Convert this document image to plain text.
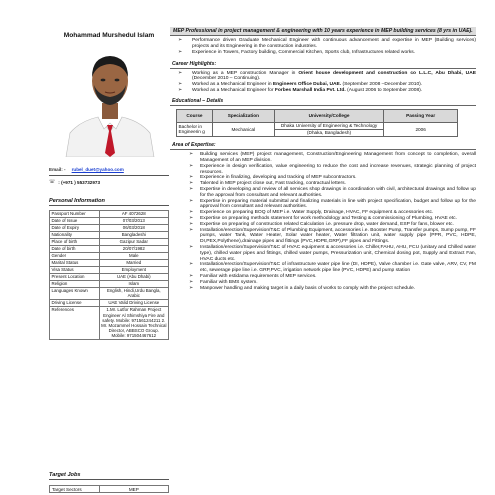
Mohammad Murshedul Islam
Email: - rubel_duet@yahoo.com
☏ : (+971 ) 553732973
Personal Information
Passport Number	AF 4072628
Date of Issue	07/03/2013
Date of Expiry	06/03/2018
Nationality	Bangladeshi
Place of birth	Gazipur Sadar
Date of birth	20/07/1982
Gender	Male
Marital Status	Married
Visa Status	Employment
Present Location	UAE (Abu Dhabi)
Religion	Islam
Languages Known	English, Hindi,Urdu Bangla, Arabic
Driving License	UAE Valid Driving License
References	1.Mr. Lutfor Rahman Project Engineer Al Shimshiya Fire and safety. Mobile: 971561244211 2. Mr. Mozammel Hossain Technical Director, ABBSCO Group. Mobile: 971504467612
Target Jobs
Target Sectors	MEP
MEP Professional in project management & engineering with 10 years experience in MEP building services (8 yrs in UAE).
➢ Performance driven Graduate Mechanical Engineer with continuous advancement and expertise in MEP (Building services) projects and its Engineering in the construction industries.
➢ Experience in Towers, Factory building, Commercial Kitchen, Sports club, Infrastructures related works.
Career Highlights:
➢ Working as a MEP construction Manager in Orient house development and construction co L.L.C, Abu Dhabi, UAE (December 2010 – Continuing).
➢ Worked as a Mechanical Engineer in Engineers Office Dubai, UAE. (September 2008 –December 2010).
➢ Worked as a Mechanical Engineer for Forbes Marshall India Pvt. Ltd. (August 2006 to September 2008).
Educational – Details
Course	Specialization	University/College	Passing Year
Bachelor in Engineerin g	Mechanical	Dhaka University of Engineering & Technology	2006
		(Dhaka, Bangladesh)	
Area of Expertise:
➢ Building services (MEP) project management, Construction/Engineering Management from concept to completion, overall Management of an MEP division.
➢ Experience in design verification, value engineering to reduce the cost and increase revenues, strategic planning of project resources.
➢ Experience in finalizing, developing and tracking of MEP subcontractors.
➢ Talented in MEP project close out, Fast tracking, contractual letters.
➢ Expertise in developing and review of all services shop drawings in coordination with civil, architectural drawings and follow up for the approval from consultant and relevant authorities.
➢ Expertise in preparing material submittal and finalizing materials in line with project specification, budget and follow up for the approval from consultant and relevant authorities.
➢ Experience on preparing BOQ of MEP i.e. Water Supply, Drainage, HVAC, FF equipment & accessories etc.
➢ Expertise on preparing methods statement for work methodology and Testing & commissioning of Plumbing, HVAE etc.
➢ Expertise on preparing of construction related Calculation i.e. pressure drop, water demand, ESP for fans, blower etc.
➢ Installation/erection/Supervision/T&C of Plumbing Equipment, accessories i.e. Booster Pump, Transfer pumps, Sump pump, FF pumps, water Tank, Water Heater, Solar water heater, Water filtration unit, water supply pipe (PPR, PVC, HDPE, DI,PEX,Polythene),drainage pipes and fittings (PVC,HDPE,GRP),FF pipes and Fittings.
➢ Installation/erection/Supervision/T&C of HVAC equipment & accessories i.e. Chiller,FAHU, AHU, FCU (unitary and Chilled water type), chilled water pipes and fittings, chilled water pumps, Pressurization unit, Chemical dosing pot, Supply and Extract Fan, HVAC ducts etc.
➢ Installation/erection/Supervision/T&C of infrastructure water pipe line (DI, HDPE), Valve chamber i.e. Gate valve, ARV, CV, FM etc, sewerage pipe line i.e. GRP,PVC, irrigation network pipe line (PVC, HDPE) and pump station
➢ Familiar with estidama requirements of MEP services.
➢ Familiar with BMS system.
➢ Manpower handling and making target in a daily basis of works to comply with the project schedule.
